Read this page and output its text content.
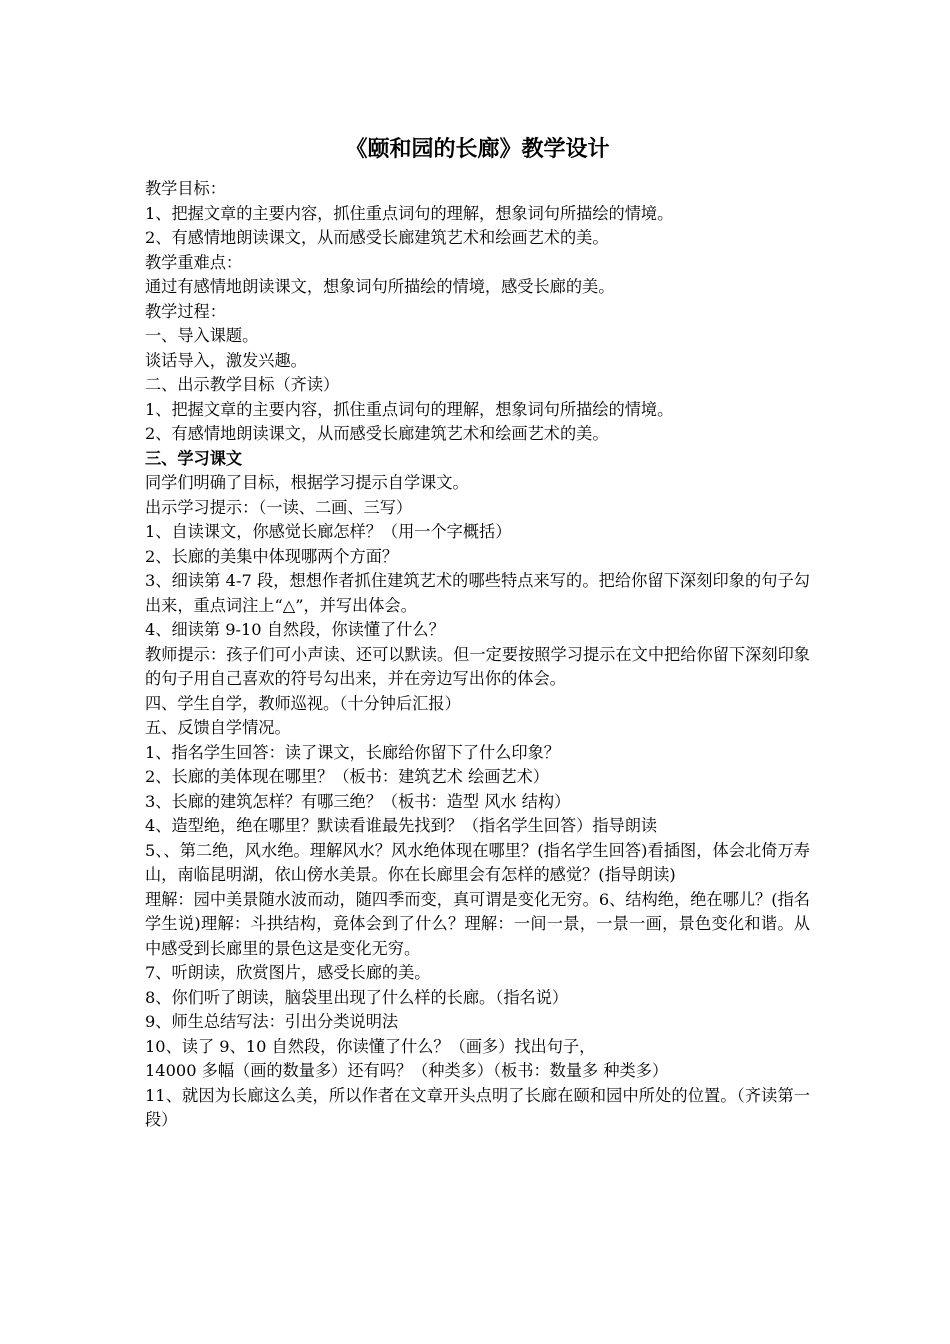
《颐和园的长廊》教学设计

教学目标：

1、把握文章的主要内容，抓住重点词句的理解，想象词句所描绘的情境。

2、有感情地朗读课文，从而感受长廊建筑艺术和绘画艺术的美。

教学重难点：

通过有感情地朗读课文，想象词句所描绘的情境，感受长廊的美。

教学过程：

一、导入课题。

谈话导入，激发兴趣。

二、出示教学目标（齐读）

1、把握文章的主要内容，抓住重点词句的理解，想象词句所描绘的情境。

2、有感情地朗读课文，从而感受长廊建筑艺术和绘画艺术的美。

三、学习课文

同学们明确了目标，根据学习提示自学课文。

出示学习提示：（一读、二画、三写）

1、自读课文，你感觉长廊怎样？（用一个字概括）

2、长廊的美集中体现哪两个方面？

3、细读第 4-7 段，想想作者抓住建筑艺术的哪些特点来写的。把给你留下深刻印象的句子勾出来，重点词注上“△”，并写出体会。

4、细读第 9-10 自然段，你读懂了什么？

教师提示：孩子们可小声读、还可以默读。但一定要按照学习提示在文中把给你留下深刻印象的句子用自己喜欢的符号勾出来，并在旁边写出你的体会。

四、学生自学，教师巡视。（十分钟后汇报）

五、反馈自学情况。

1、指名学生回答：读了课文，长廊给你留下了什么印象？

2、长廊的美体现在哪里？（板书：建筑艺术 绘画艺术）

3、长廊的建筑怎样？有哪三绝？（板书：造型 风水 结构）

4、造型绝，绝在哪里？默读看谁最先找到？（指名学生回答）指导朗读

5、、第二绝，风水绝。理解风水？风水绝体现在哪里？(指名学生回答)看插图，体会北倚万寿山，南临昆明湖，依山傍水美景。你在长廊里会有怎样的感觉？(指导朗读)

理解：园中美景随水波而动，随四季而变，真可谓是变化无穷。6、结构绝，绝在哪儿？(指名学生说)理解：斗拱结构，竟体会到了什么？理解：一间一景，一景一画，景色变化和谐。从中感受到长廊里的景色这是变化无穷。

7、听朗读，欣赏图片，感受长廊的美。

8、你们听了朗读，脑袋里出现了什么样的长廊。（指名说）

9、师生总结写法：引出分类说明法

10、读了 9、10 自然段，你读懂了什么？（画多）找出句子，

14000 多幅（画的数量多）还有吗？（种类多）（板书：数量多 种类多）

11、就因为长廊这么美，所以作者在文章开头点明了长廊在颐和园中所处的位置。（齐读第一段）
